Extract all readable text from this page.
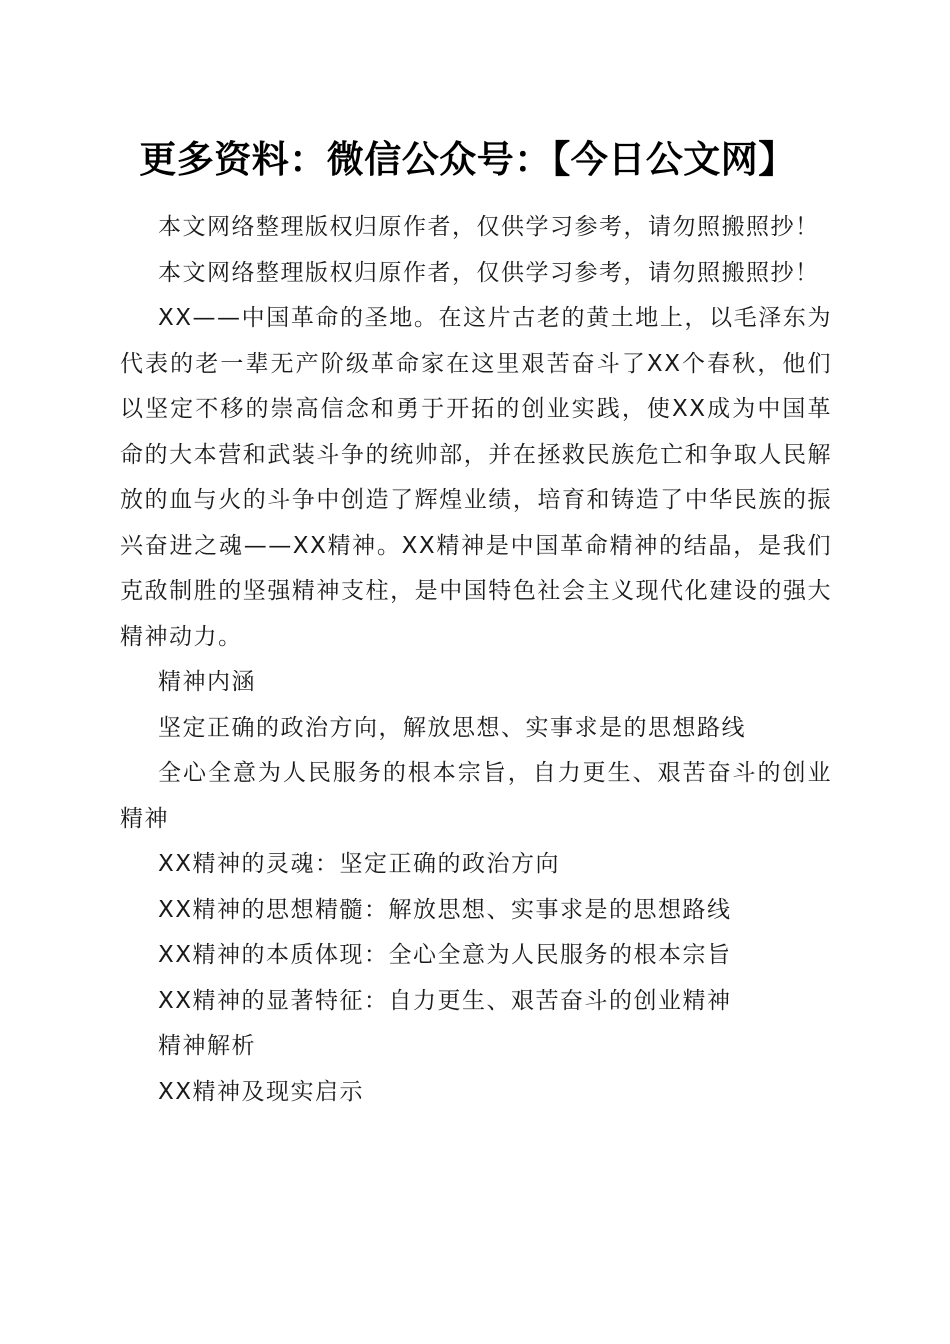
更多资料：微信公众号：【今日公文网】

本文网络整理版权归原作者，仅供学习参考，请勿照搬照抄！

本文网络整理版权归原作者，仅供学习参考，请勿照搬照抄！

XX——中国革命的圣地。在这片古老的黄土地上，以毛泽东为代表的老一辈无产阶级革命家在这里艰苦奋斗了XX个春秋，他们以坚定不移的崇高信念和勇于开拓的创业实践，使XX成为中国革命的大本营和武装斗争的统帅部，并在拯救民族危亡和争取人民解放的血与火的斗争中创造了辉煌业绩，培育和铸造了中华民族的振兴奋进之魂——XX精神。XX精神是中国革命精神的结晶，是我们克敌制胜的坚强精神支柱，是中国特色社会主义现代化建设的强大精神动力。

精神内涵

坚定正确的政治方向，解放思想、实事求是的思想路线

全心全意为人民服务的根本宗旨，自力更生、艰苦奋斗的创业精神

XX精神的灵魂：坚定正确的政治方向

XX精神的思想精髓：解放思想、实事求是的思想路线

XX精神的本质体现：全心全意为人民服务的根本宗旨

XX精神的显著特征：自力更生、艰苦奋斗的创业精神

精神解析

XX精神及现实启示
